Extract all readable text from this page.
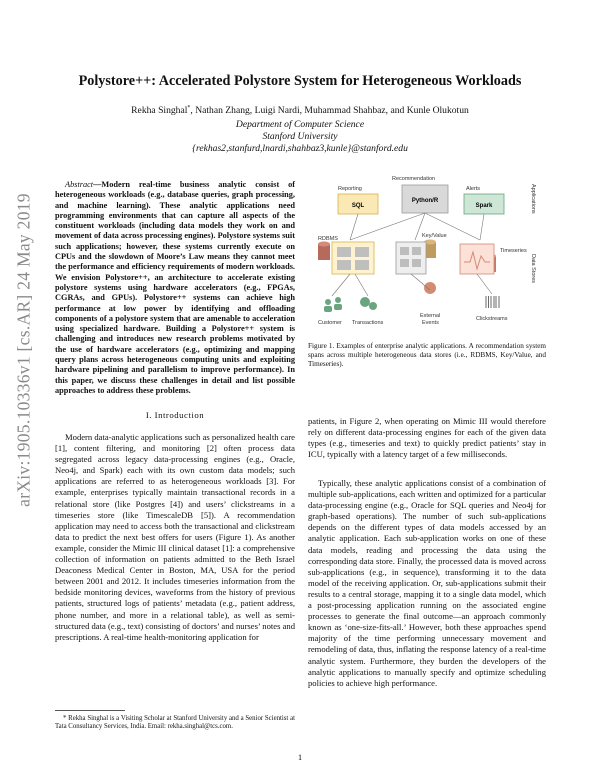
arXiv:1905.10336v1 [cs.AR] 24 May 2019
Polystore++: Accelerated Polystore System for Heterogeneous Workloads
Rekha Singhal*, Nathan Zhang, Luigi Nardi, Muhammad Shahbaz, and Kunle Olukotun
Department of Computer Science
Stanford University
{rekhas2,stanfurd,lnardi,shahbaz3,kunle}@stanford.edu
Abstract—Modern real-time business analytic consist of heterogeneous workloads (e.g., database queries, graph processing, and machine learning). These analytic applications need programming environments that can capture all aspects of the constituent workloads (including data models they work on and movement of data across processing engines). Polystore systems suit such applications; however, these systems currently execute on CPUs and the slowdown of Moore’s Law means they cannot meet the performance and efficiency requirements of modern workloads. We envision Polystore++, an architecture to accelerate existing polystore systems using hardware accelerators (e.g., FPGAs, CGRAs, and GPUs). Polystore++ systems can achieve high performance at low power by identifying and offloading components of a polystore system that are amenable to acceleration using specialized hardware. Building a Polystore++ system is challenging and introduces new research problems motivated by the use of hardware accelerators (e.g., optimizing and mapping query plans across heterogeneous computing units and exploiting hardware pipelining and parallelism to improve performance). In this paper, we discuss these challenges in detail and list possible approaches to address these problems.
I. Introduction
Modern data-analytic applications such as personalized health care [1], content filtering, and monitoring [2] often process data segregated across legacy data-processing engines (e.g., Oracle, Neo4j, and Spark) each with its own custom data models; such applications are referred to as heterogeneous workloads [3]. For example, enterprises typically maintain transactional records in a relational store (like Postgres [4]) and users’ clickstreams in a timeseries store (like TimescaleDB [5]). A recommendation application may need to access both the transactional and clickstream data to predict the next best offers for users (Figure 1). As another example, consider the Mimic III clinical dataset [1]: a comprehensive collection of information on patients admitted to the Beth Israel Deaconess Medical Center in Boston, MA, USA for the period between 2001 and 2012. It includes timeseries information from the bedside monitoring devices, waveforms from the history of previous patients, structured logs of patients’ metadata (e.g., patient address, phone number, and more in a relational table), as well as semi-structured data (e.g., text) consisting of doctors’ and nurses’ notes and prescriptions. A real-time health-monitoring application for
* Rekha Singhal is a Visiting Scholar at Stanford University and a Senior Scientist at Tata Consultancy Services, India. Email: rekha.singhal@tcs.com.
Reporting
Recommendation
Alerts	Applications
Data Stores
SQL
Python/R
Spark
RDBMS	Key/Value
Timeseries
Customer Transactions
External
Events
Clickstreams
Figure 1. Examples of enterprise analytic applications. A recommendation system spans across multiple heterogeneous data stores (i.e., RDBMS, Key/Value, and Timeseries).
patients, in Figure 2, when operating on Mimic III would therefore rely on different data-processing engines for each of the given data types (e.g., timeseries and text) to quickly predict patients’ stay in ICU, typically with a latency target of a few milliseconds.
Typically, these analytic applications consist of a combination of multiple sub-applications, each written and optimized for a particular data-processing engine (e.g., Oracle for SQL queries and Neo4j for graph-based operations). The number of such sub-applications depends on the different types of data models accessed by an analytic application. Each sub-application works on one of these data models, reading and processing the data using the corresponding data store. Finally, the processed data is moved across sub-applications (e.g., in sequence), transforming it to the data model of the receiving application. Or, sub-applications submit their results to a central storage, mapping it to a single data model, which a post-processing application running on the associated engine processes to generate the final outcome—an approach commonly known as ‘one-size-fits-all.’ However, both these approaches spend majority of the time performing unnecessary movement and remodeling of data, thus, inflating the response latency of a real-time analytic system. Furthermore, they burden the developers of the analytic applications to manually specify and optimize scheduling policies to achieve high performance.
1
